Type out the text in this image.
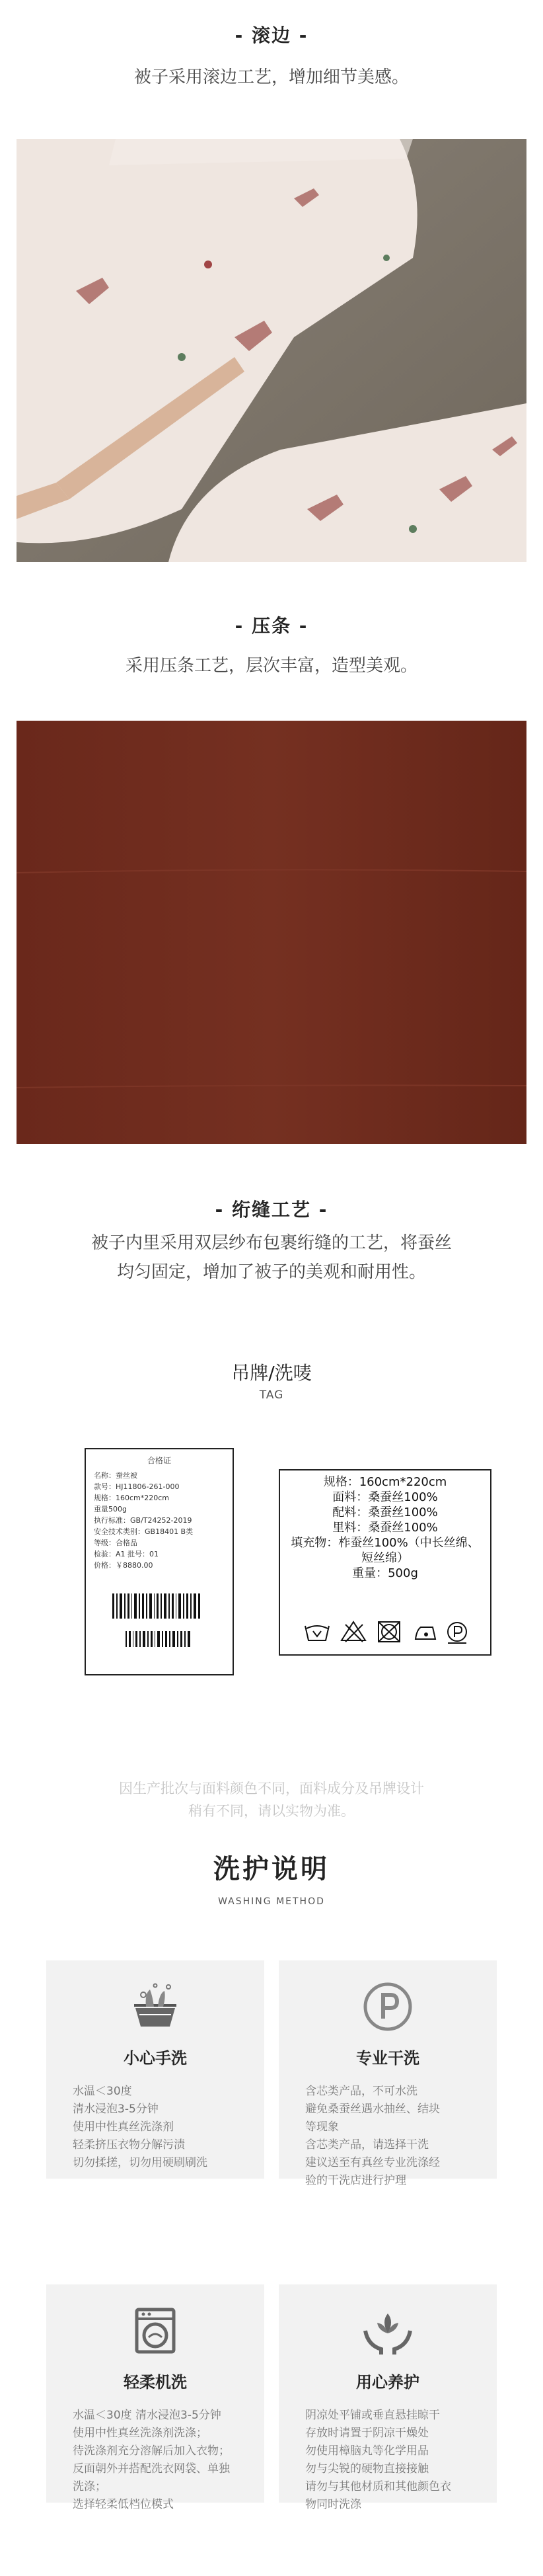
- 滚边 -
被子采用滚边工艺，增加细节美感。
- 压条 -
采用压条工艺，层次丰富，造型美观。
- 绗缝工艺 -
被子内里采用双层纱布包裹绗缝的工艺，将蚕丝
均匀固定，增加了被子的美观和耐用性。
吊牌/洗唛
TAG
合格证
名称：蚕丝被
款号：HJ11806-261-000
规格：160cm*220cm
重量500g
执行标准：GB/T24252-2019
安全技术类别：GB18401 B类
等级：合格品
检验：A1 批号：01
价格：￥8880.00
规格：160cm*220cm
面料：桑蚕丝100%
配料：桑蚕丝100%
里料：桑蚕丝100%
填充物：柞蚕丝100%（中长丝绵、
短丝绵）
重量：500g
因生产批次与面料颜色不同，面料成分及吊牌设计
稍有不同，请以实物为准。
洗护说明
WASHING METHOD
小心手洗
水温＜30度
清水浸泡3-5分钟
使用中性真丝洗涤剂
轻柔挤压衣物分解污渍
切勿揉搓，切勿用硬刷刷洗
专业干洗
含芯类产品，不可水洗
避免桑蚕丝遇水抽丝、结块
等现象
含芯类产品，请选择干洗
建议送至有真丝专业洗涤经
验的干洗店进行护理
轻柔机洗
水温＜30度 清水浸泡3-5分钟
使用中性真丝洗涤剂洗涤；
待洗涤剂充分溶解后加入衣物；
反面朝外并搭配洗衣网袋、单独
洗涤；
选择轻柔低档位模式
用心养护
阴凉处平铺或垂直悬挂晾干
存放时请置于阴凉干燥处
勿使用樟脑丸等化学用品
勿与尖锐的硬物直接接触
请勿与其他材质和其他颜色衣
物同时洗涤
